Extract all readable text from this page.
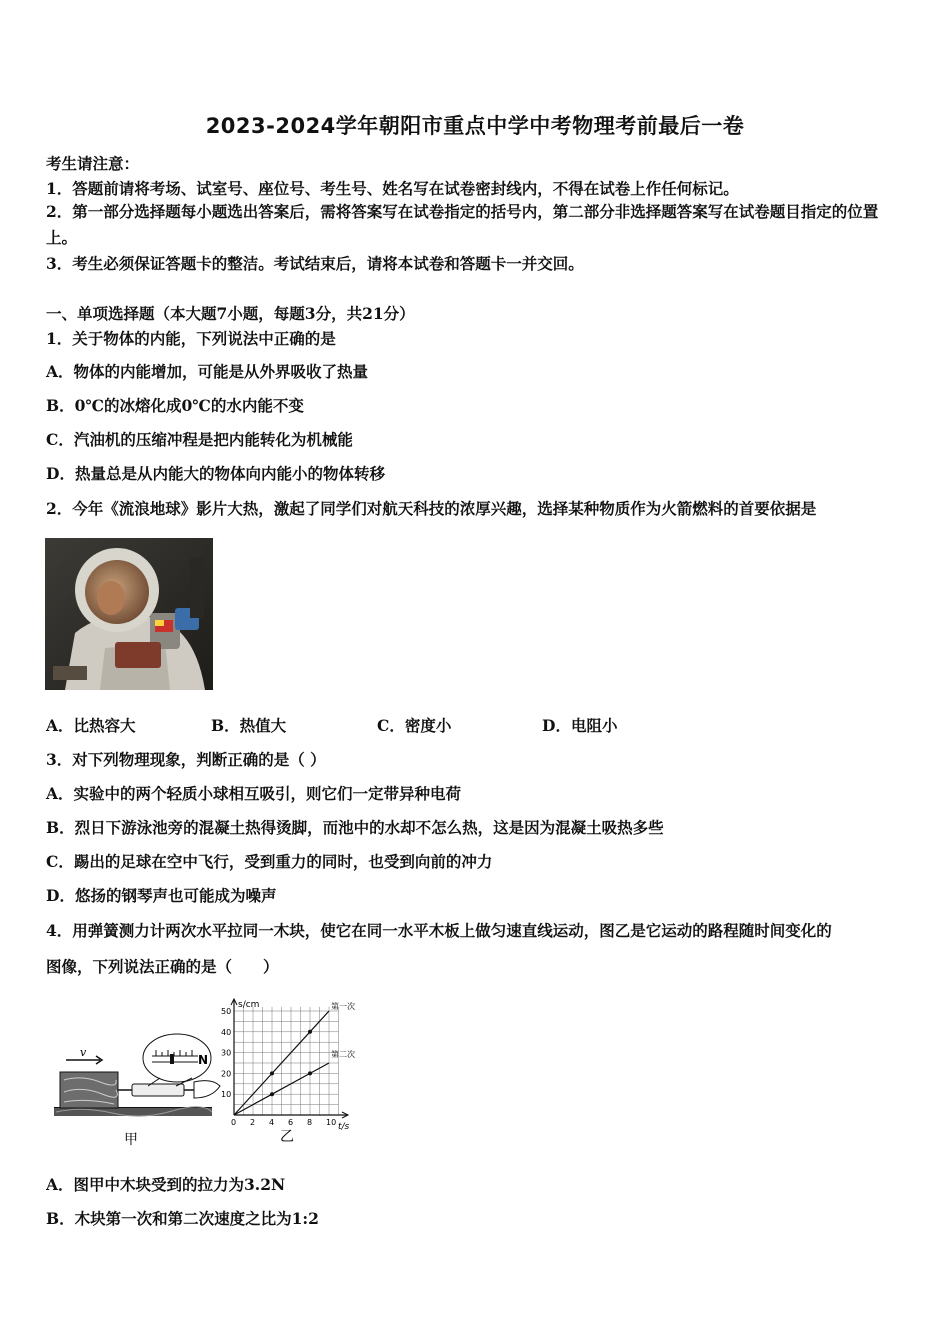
2023-2024学年朝阳市重点中学中考物理考前最后一卷
考生请注意：
1．答题前请将考场、试室号、座位号、考生号、姓名写在试卷密封线内，不得在试卷上作任何标记。
2．第一部分选择题每小题选出答案后，需将答案写在试卷指定的括号内，第二部分非选择题答案写在试卷题目指定的位置上。
3．考生必须保证答题卡的整洁。考试结束后，请将本试卷和答题卡一并交回。
一、单项选择题（本大题7小题，每题3分，共21分）
1．关于物体的内能，下列说法中正确的是
A．物体的内能增加，可能是从外界吸收了热量
B．0℃的冰熔化成0℃的水内能不变
C．汽油机的压缩冲程是把内能转化为机械能
D．热量总是从内能大的物体向内能小的物体转移
2．今年《流浪地球》影片大热，激起了同学们对航天科技的浓厚兴趣，选择某种物质作为火箭燃料的首要依据是
A．比热容大	B．热值大	C．密度小	D．电阻小
3．对下列物理现象，判断正确的是（ ）
A．实验中的两个轻质小球相互吸引，则它们一定带异种电荷
B．烈日下游泳池旁的混凝土热得烫脚，而池中的水却不怎么热，这是因为混凝土吸热多些
C．踢出的足球在空中飞行，受到重力的同时，也受到向前的冲力
D．悠扬的钢琴声也可能成为噪声
4．用弹簧测力计两次水平拉同一木块，使它在同一水平木板上做匀速直线运动，图乙是它运动的路程随时间变化的
图像，下列说法正确的是（　　）
v
N
甲
s/cm
t/s
0 2 4 6 8 10
10
20
30
40
50
第一次
第二次
乙
A．图甲中木块受到的拉力为3.2N
B．木块第一次和第二次速度之比为1:2
